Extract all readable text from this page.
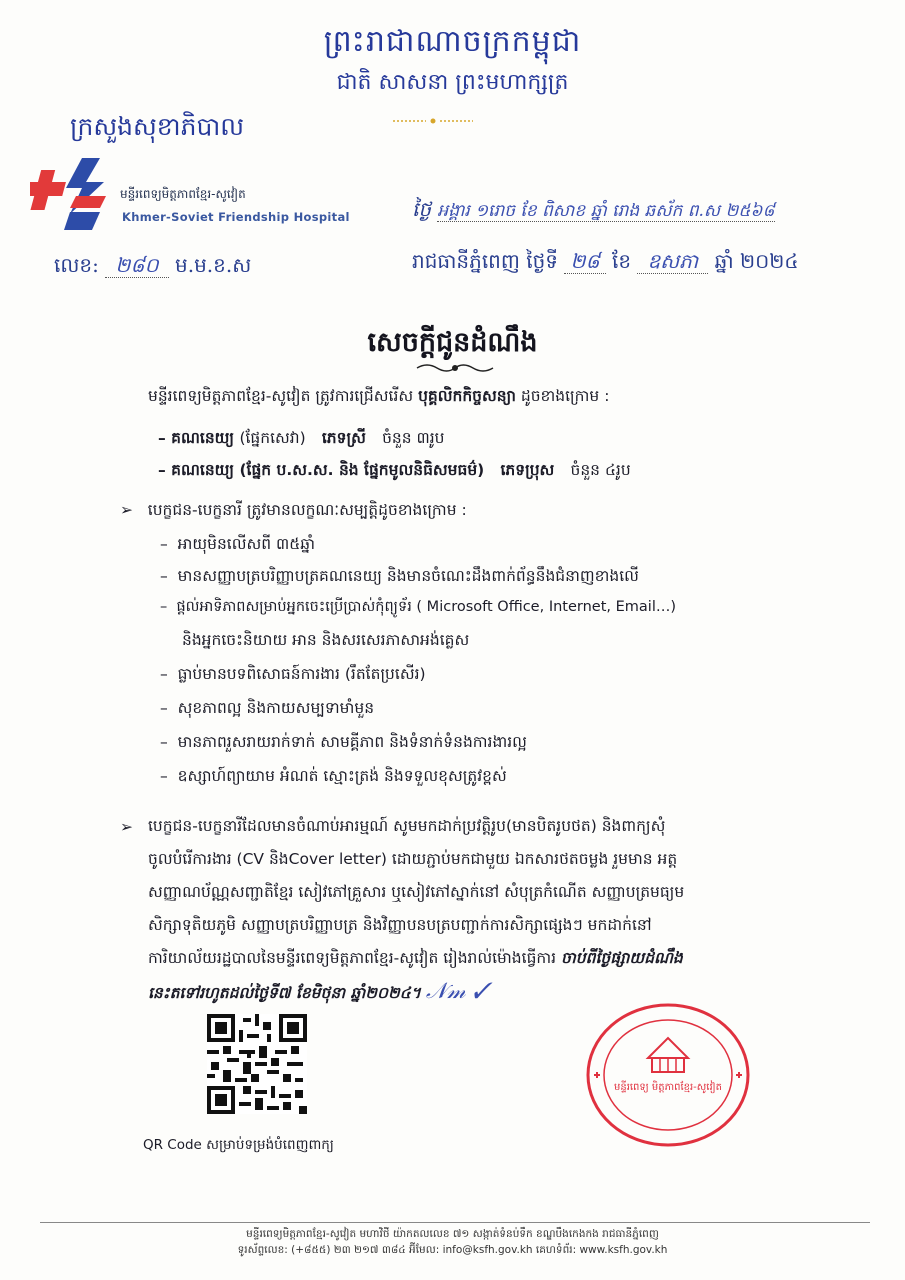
ព្រះរាជាណាចក្រកម្ពុជា
ជាតិ សាសនា ព្រះមហាក្សត្រ
ក្រសួងសុខាភិបាល
មន្ទីរពេទ្យមិត្តភាពខ្មែរ-សូវៀត
Khmer-Soviet Friendship Hospital	ថ្ងៃ អង្គារ ១រោច ខែ ពិសាខ ឆ្នាំ រោង ឆស័ក ព.ស ២៥៦៨
រាជធានីភ្នំពេញ ថ្ងៃទី ២៨ ខែ ឧសភា ឆ្នាំ ២០២៤
លេខ: ២៨០ ម.ម.ខ.ស
សេចក្តីជូនដំណឹង
មន្ទីរពេទ្យមិត្តភាពខ្មែរ-សូវៀត ត្រូវការជ្រើសរើស បុគ្គលិកកិច្ចសន្យា ដូចខាងក្រោម :
– គណនេយ្យ (ផ្នែកសេវា) ភេទស្រី ចំនួន ៣រូប
– គណនេយ្យ (ផ្នែក ប.ស.ស. និង ផ្នែកមូលនិធិសមធម៌) ភេទប្រុស ចំនួន ៤រូប
➢ បេក្ខជន-បេក្ខនារី ត្រូវមានលក្ខណៈសម្បត្តិដូចខាងក្រោម :
–  អាយុមិនលើសពី ៣៥ឆ្នាំ
–  មានសញ្ញាបត្របរិញ្ញាបត្រគណនេយ្យ និងមានចំណេះដឹងពាក់ព័ន្ធនឹងជំនាញខាងលើ
–  ផ្តល់អាទិភាពសម្រាប់អ្នកចេះប្រើប្រាស់កុំព្យូទ័រ ( Microsoft Office, Internet, Email…)
និងអ្នកចេះនិយាយ អាន និងសរសេរភាសាអង់គ្លេស
–  ធ្លាប់មានបទពិសោធន៍ការងារ (រឹតតែប្រសើរ)
–  សុខភាពល្អ និងកាយសម្បទាមាំមួន
–  មានភាពរួសរាយរាក់ទាក់ សាមគ្គីភាព និងទំនាក់ទំនងការងារល្អ
–  ឧស្សាហ៍ព្យាយាម អំណត់ ស្មោះត្រង់ និងទទួលខុសត្រូវខ្ពស់
➢ បេក្ខជន-បេក្ខនារីដែលមានចំណាប់អារម្មណ៍ សូមមកដាក់ប្រវត្តិរូប(មានបិតរូបថត) និងពាក្យសុំ
ចូលបំរើការងារ (CV និងCover letter) ដោយភ្ជាប់មកជាមួយ ឯកសារថតចម្លង រួមមាន អត្ត
សញ្ញាណប័ណ្ណសញ្ជាតិខ្មែរ សៀវភៅគ្រួសារ ឬសៀវភៅស្នាក់នៅ សំបុត្រកំណើត សញ្ញាបត្រមធ្យម
សិក្សាទុតិយភូមិ សញ្ញាបត្របរិញ្ញាបត្រ និងវិញ្ញាបនបត្របញ្ជាក់ការសិក្សាផ្សេងៗ មកដាក់នៅ
ការិយាល័យរដ្ឋបាលនៃមន្ទីរពេទ្យមិត្តភាពខ្មែរ-សូវៀត រៀងរាល់ម៉ោងធ្វើការ ចាប់ពីថ្ងៃផ្សាយដំណឹង
នេះតទៅរហូតដល់ថ្ងៃទី៧ ខែមិថុនា ឆ្នាំ២០២៤។ 𝒩𝓂 ✓
QR Code សម្រាប់ទម្រង់បំពេញពាក្យ
មន្ទីរពេទ្យ មិត្តភាពខ្មែរ-សូវៀត
មន្ទីរពេទ្យមិត្តភាពខ្មែរ-សូវៀត មហាវិថី យ៉ាកតលលេខ ៧១ សង្កាត់ទំនប់ទឹក ខណ្ឌបឹងកេងកង រាជធានីភ្នំពេញ
ទូរស័ព្ទលេខ: (+៨៥៥) ២៣ ២១៧ ៣៨៤ អ៊ីមែល: info@ksfh.gov.kh គេហទំព័រ: www.ksfh.gov.kh
